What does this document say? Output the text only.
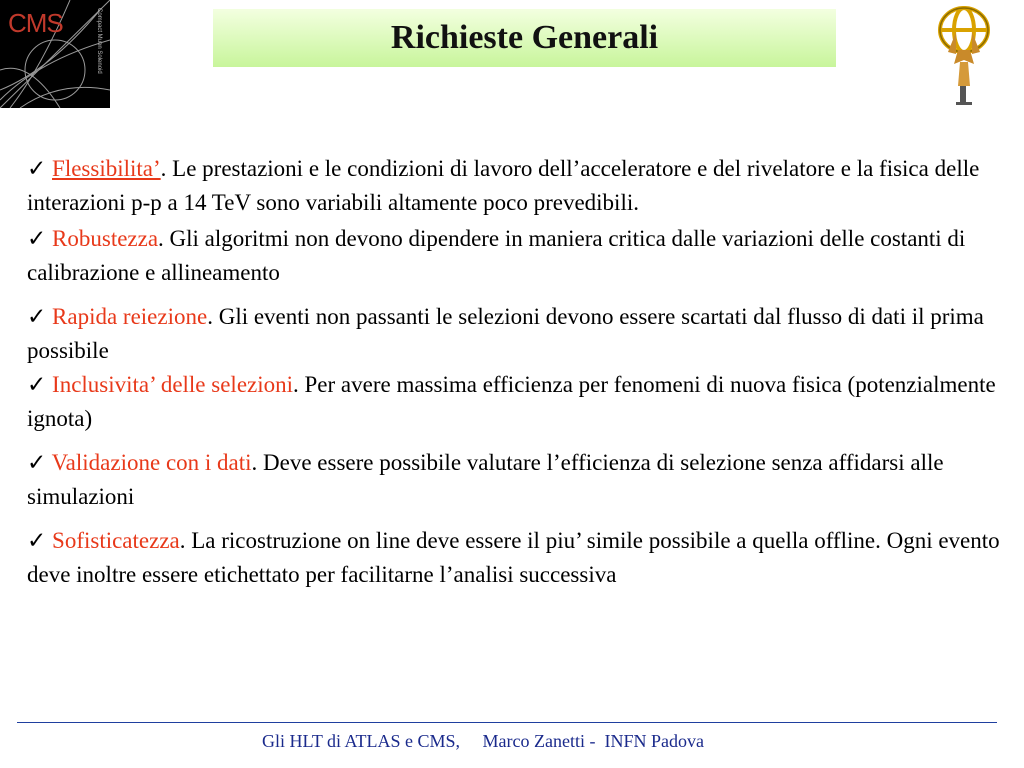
CMS	Compact Muon Solenoid	Richieste Generali

✓ Flessibilita’. Le prestazioni e le condizioni di lavoro dell’acceleratore e del rivelatore e la fisica delle interazioni p-p a 14 TeV sono variabili altamente poco prevedibili.

✓ Robustezza. Gli algoritmi non devono dipendere in maniera critica dalle variazioni delle costanti di calibrazione e allineamento

✓ Rapida reiezione. Gli eventi non passanti le selezioni devono essere scartati dal flusso di dati il prima possibile

✓ Inclusivita’ delle selezioni. Per avere massima efficienza per fenomeni di nuova fisica (potenzialmente ignota)

✓ Validazione con i dati. Deve essere possibile valutare l’efficienza di selezione senza affidarsi alle simulazioni

✓ Sofisticatezza. La ricostruzione on line deve essere il piu’ simile possibile a quella offline. Ogni evento deve inoltre essere etichettato per facilitarne l’analisi successiva

Gli HLT di ATLAS e CMS,     Marco Zanetti -  INFN Padova
